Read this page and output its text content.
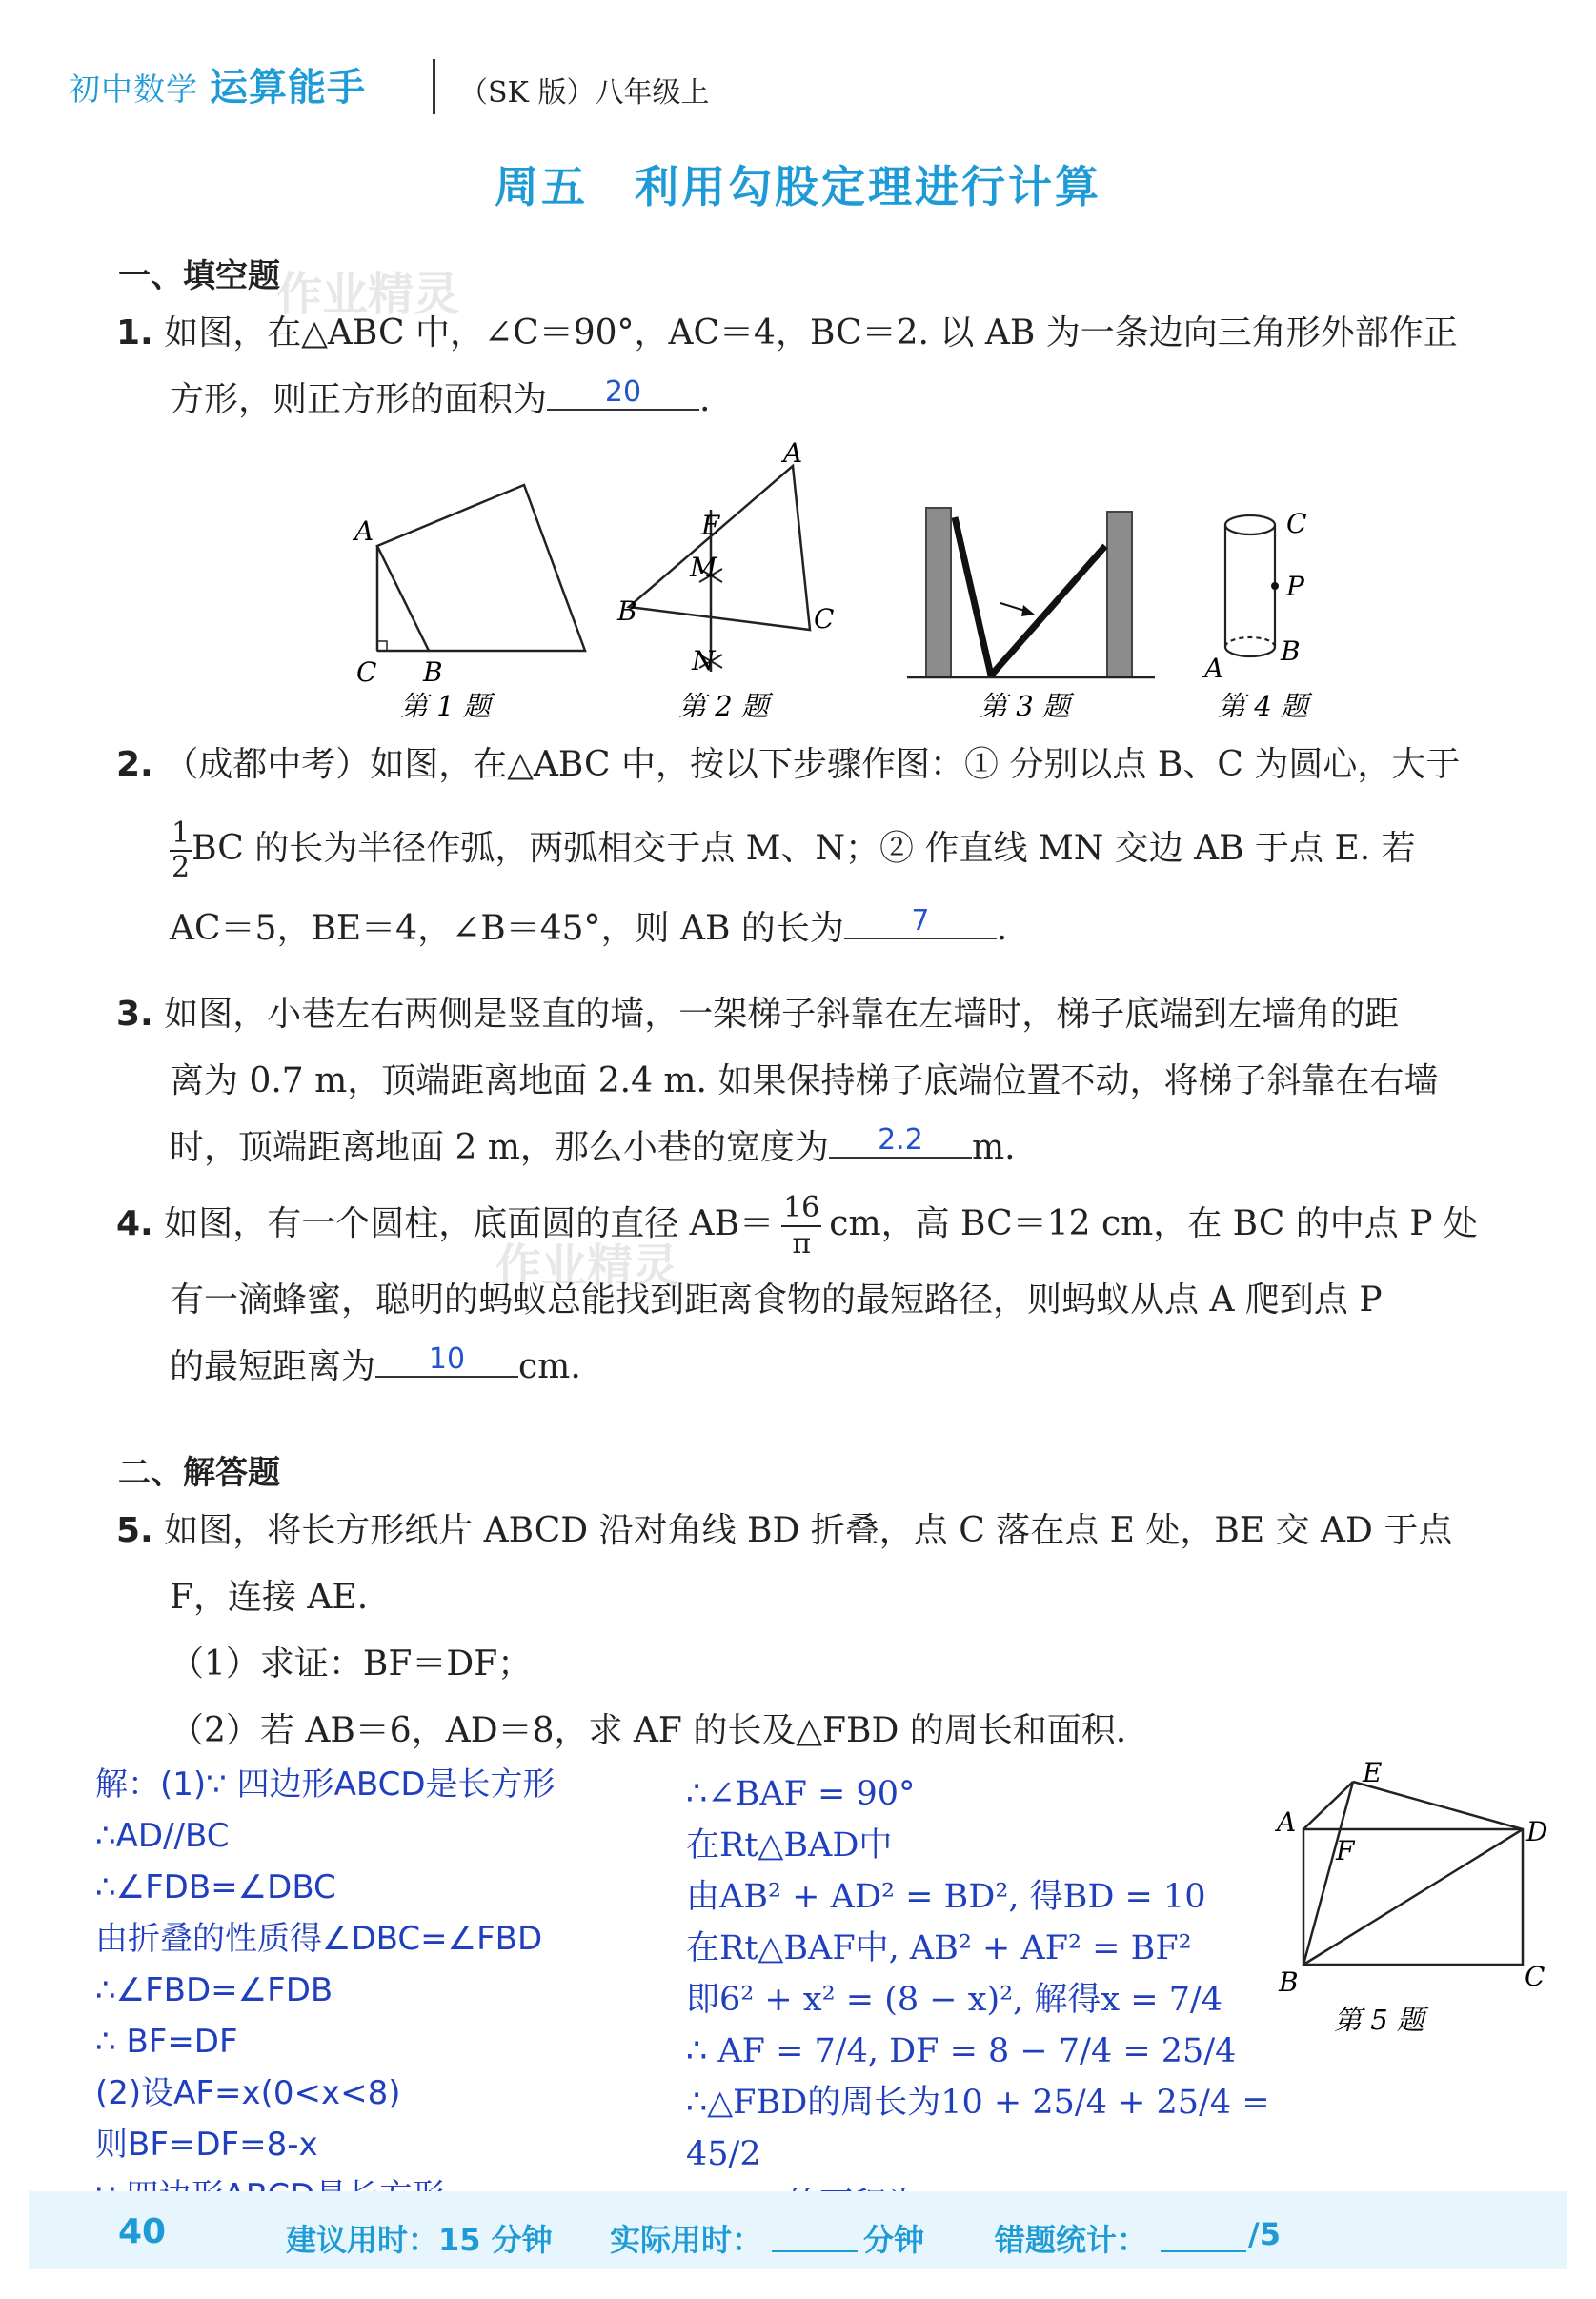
初中数学 运算能手	（SK 版）八年级上
周五　利用勾股定理进行计算
作业精灵
作业精灵
一、填空题
1. 如图，在△ABC 中，∠C＝90°，AC＝4，BC＝2. 以 AB 为一条边向三角形外部作正
方形，则正方形的面积为	20	.
A
C B
第 1 题
A
E
M
B	C
N
第 2 题	第 3 题
C
P
B
A
第 4 题
2. （成都中考）如图，在△ABC 中，按以下步骤作图：① 分别以点 B、C 为圆心，大于
$\frac{1}{2}$ BC 的长为半径作弧，两弧相交于点 M、N；② 作直线 MN 交边 AB 于点 E. 若
AC＝5，BE＝4，∠B＝45°，则 AB 的长为	7	.
3. 如图，小巷左右两侧是竖直的墙，一架梯子斜靠在左墙时，梯子底端到左墙角的距
离为 0.7 m，顶端距离地面 2.4 m. 如果保持梯子底端位置不动，将梯子斜靠在右墙
时，顶端距离地面 2 m，那么小巷的宽度为	2.2	m.
4. 如图，有一个圆柱，底面圆的直径 $AB= \frac{16}{\pi}$ cm，高 BC＝12 cm，在 BC 的中点 P 处
有一滴蜂蜜，聪明的蚂蚁总能找到距离食物的最短路径，则蚂蚁从点 A 爬到点 P
的最短距离为	10	cm.
二、解答题
5. 如图，将长方形纸片 ABCD 沿对角线 BD 折叠，点 C 落在点 E 处，BE 交 AD 于点
F，连接 AE.
（1）求证：BF＝DF；
（2）若 AB＝6，AD＝8，求 AF 的长及△FBD 的周长和面积.
解：(1)∵ 四边形ABCD是长方形
∴AD//BC
∴∠FDB=∠DBC
由折叠的性质得∠DBC=∠FBD
∴∠FBD=∠FDB
∴ BF=DF
(2)设AF=x(0<x<8)
则BF=DF=8-x
∴∠BAF = 90°
在Rt△BAD中
由AB² + AD² = BD², 得BD = 10
在Rt△BAF中, AB² + AF² = BF²
即6² + x² = (8 − x)², 解得x = 7/4
∴ AF = 7/4, DF = 8 − 7/4 = 25/4
∴△FBD的周长为10 + 25/4 + 25/4 = 45/2
E
A
F
D
B	C
第 5 题
40	建议用时：15 分钟 实际用时：	分钟 错题统计：	/5
